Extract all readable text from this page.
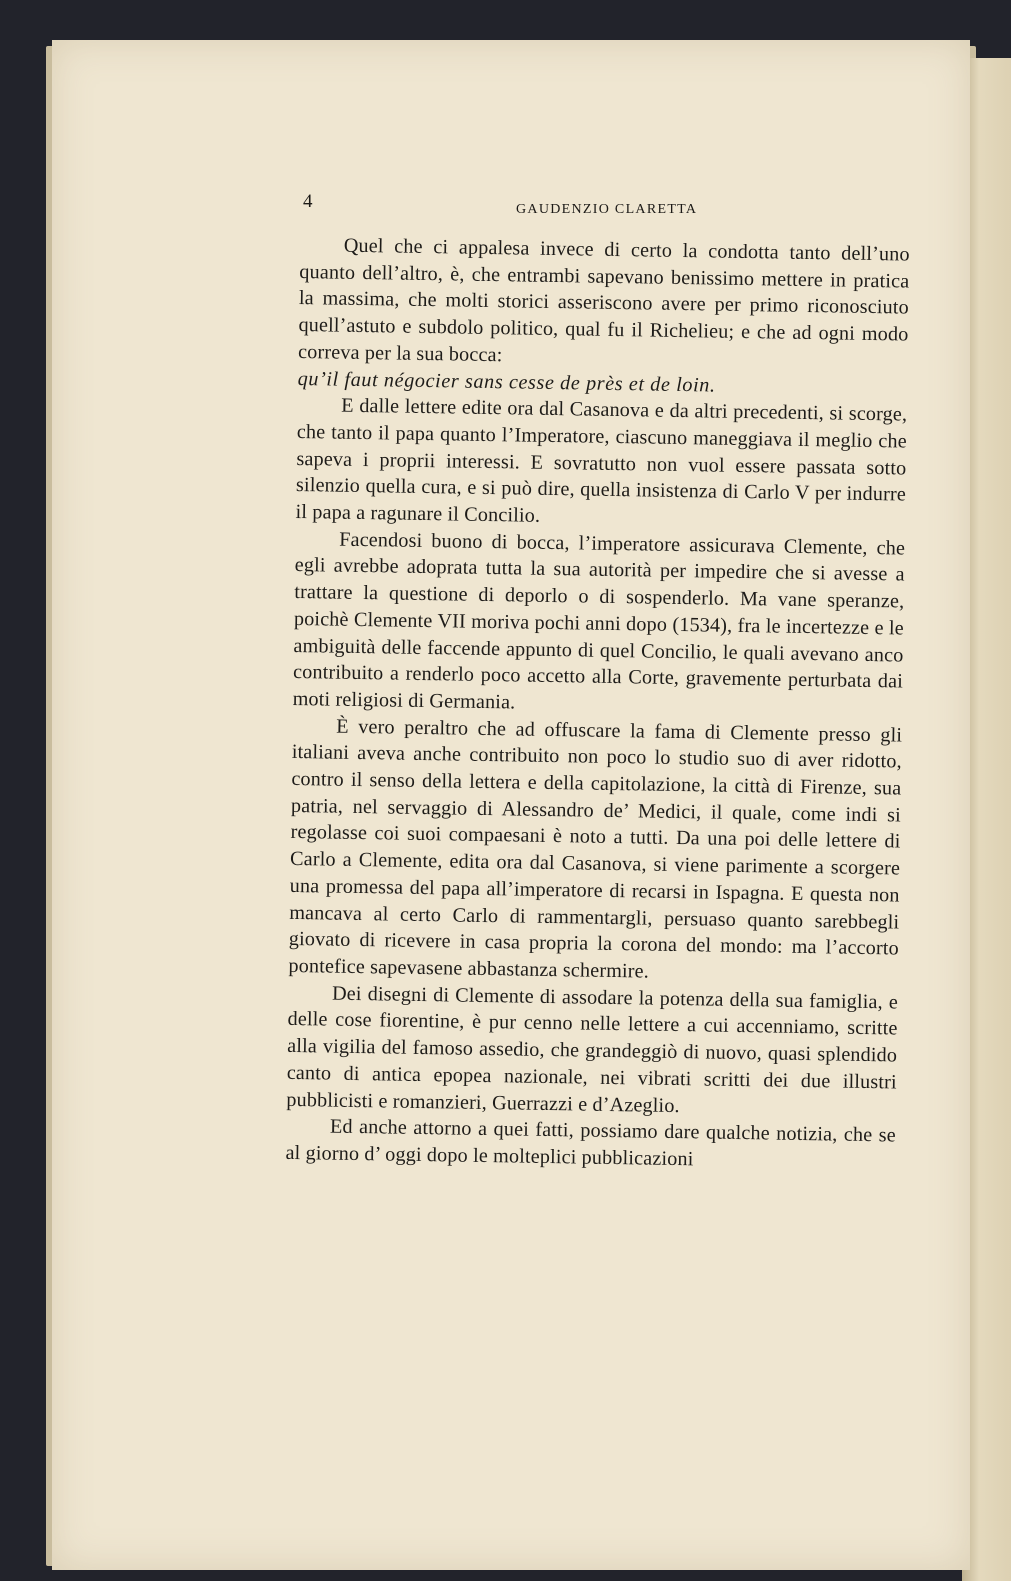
4	GAUDENZIO CLARETTA

Quel che ci appalesa invece di certo la condotta tanto dell’uno quanto dell’altro, è, che entrambi sapevano benissimo mettere in pratica la massima, che molti storici asseriscono avere per primo riconosciuto quell’astuto e subdolo politico, qual fu il Richelieu; e che ad ogni modo correva per la sua bocca:

qu’il faut négocier sans cesse de près et de loin.

E dalle lettere edite ora dal Casanova e da altri precedenti, si scorge, che tanto il papa quanto l’Imperatore, ciascuno maneggiava il meglio che sapeva i proprii interessi. E sovratutto non vuol essere passata sotto silenzio quella cura, e si può dire, quella insistenza di Carlo V per indurre il papa a ragunare il Concilio.

Facendosi buono di bocca, l’imperatore assicurava Clemente, che egli avrebbe adoprata tutta la sua autorità per impedire che si avesse a trattare la questione di deporlo o di sospenderlo. Ma vane speranze, poichè Clemente VII moriva pochi anni dopo (1534), fra le incertezze e le ambiguità delle faccende appunto di quel Concilio, le quali avevano anco contribuito a renderlo poco accetto alla Corte, gravemente perturbata dai moti religiosi di Germania.

È vero peraltro che ad offuscare la fama di Clemente presso gli italiani aveva anche contribuito non poco lo studio suo di aver ridotto, contro il senso della lettera e della capitolazione, la città di Firenze, sua patria, nel servaggio di Alessandro de’ Medici, il quale, come indi si regolasse coi suoi compaesani è noto a tutti. Da una poi delle lettere di Carlo a Clemente, edita ora dal Casanova, si viene parimente a scorgere una promessa del papa all’imperatore di recarsi in Ispagna. E questa non mancava al certo Carlo di rammentargli, persuaso quanto sarebbegli giovato di ricevere in casa propria la corona del mondo: ma l’accorto pontefice sapevasene abbastanza schermire.

Dei disegni di Clemente di assodare la potenza della sua famiglia, e delle cose fiorentine, è pur cenno nelle lettere a cui accenniamo, scritte alla vigilia del famoso assedio, che grandeggiò di nuovo, quasi splendido canto di antica epopea nazionale, nei vibrati scritti dei due illustri pubblicisti e romanzieri, Guerrazzi e d’Azeglio.

Ed anche attorno a quei fatti, possiamo dare qualche notizia, che se al giorno d’ oggi dopo le molteplici pubblicazioni
